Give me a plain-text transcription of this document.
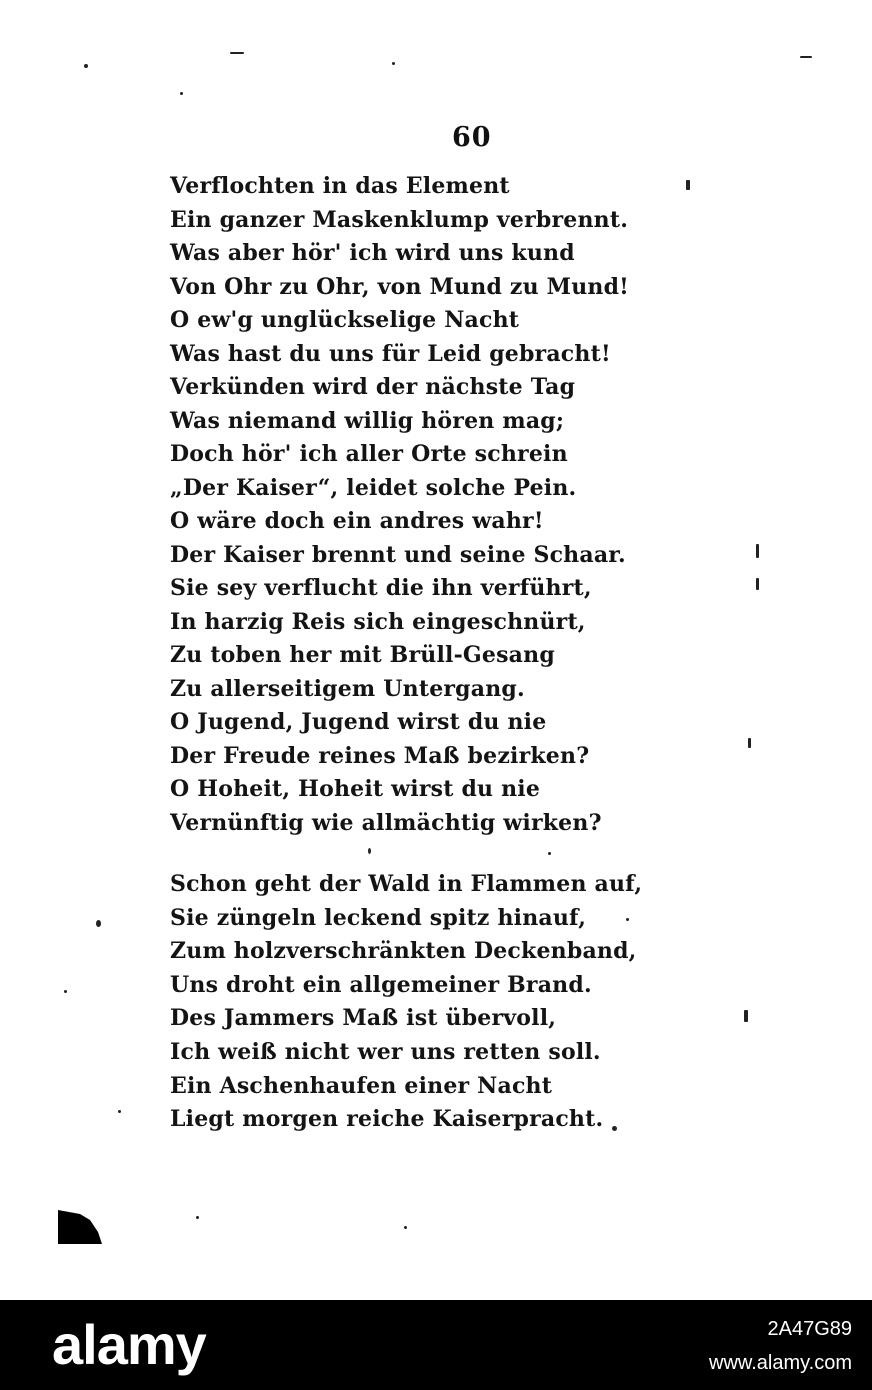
60
Verflochten in das Element
Ein ganzer Maskenklump verbrennt.
Was aber hör' ich wird uns kund
Von Ohr zu Ohr, von Mund zu Mund!
O ew'g unglückselige Nacht
Was hast du uns für Leid gebracht!
Verkünden wird der nächste Tag
Was niemand willig hören mag;
Doch hör' ich aller Orte schrein
„Der Kaiser“, leidet solche Pein.
O wäre doch ein andres wahr!
Der Kaiser brennt und seine Schaar.
Sie sey verflucht die ihn verführt,
In harzig Reis sich eingeschnürt,
Zu toben her mit Brüll-Gesang
Zu allerseitigem Untergang.
O Jugend, Jugend wirst du nie
Der Freude reines Maß bezirken?
O Hoheit, Hoheit wirst du nie
Vernünftig wie allmächtig wirken?
Schon geht der Wald in Flammen auf,
Sie züngeln leckend spitz hinauf,
Zum holzverschränkten Deckenband,
Uns droht ein allgemeiner Brand.
Des Jammers Maß ist übervoll,
Ich weiß nicht wer uns retten soll.
Ein Aschenhaufen einer Nacht
Liegt morgen reiche Kaiserpracht.
alamy	2A47G89
www.alamy.com
